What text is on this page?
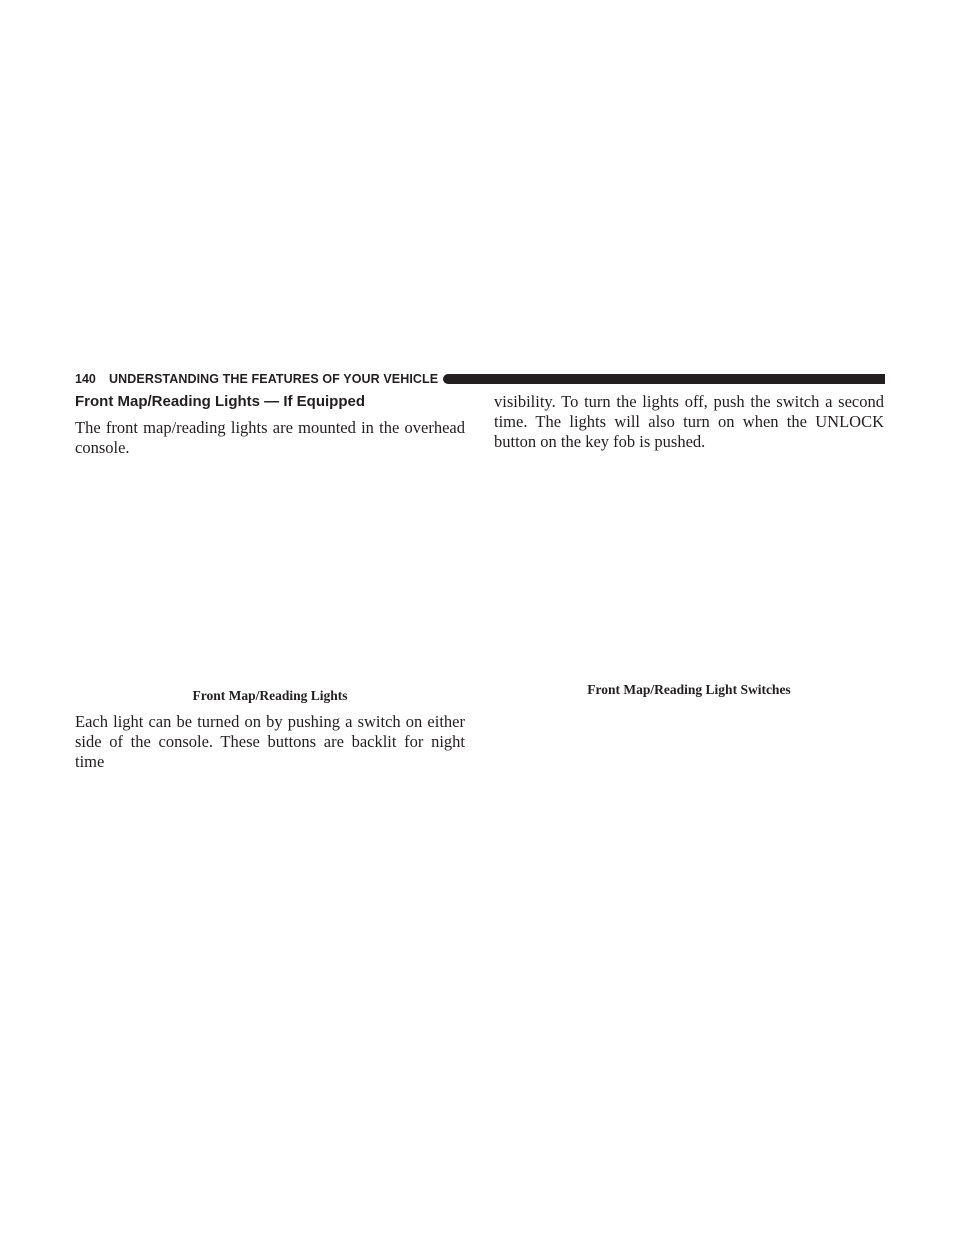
140 UNDERSTANDING THE FEATURES OF YOUR VEHICLE
Front Map/Reading Lights — If Equipped

The front map/reading lights are mounted in the overhead console.

Front Map/Reading Lights

Each light can be turned on by pushing a switch on either side of the console. These buttons are backlit for night time

visibility. To turn the lights off, push the switch a second time. The lights will also turn on when the UNLOCK button on the key fob is pushed.

Front Map/Reading Light Switches
